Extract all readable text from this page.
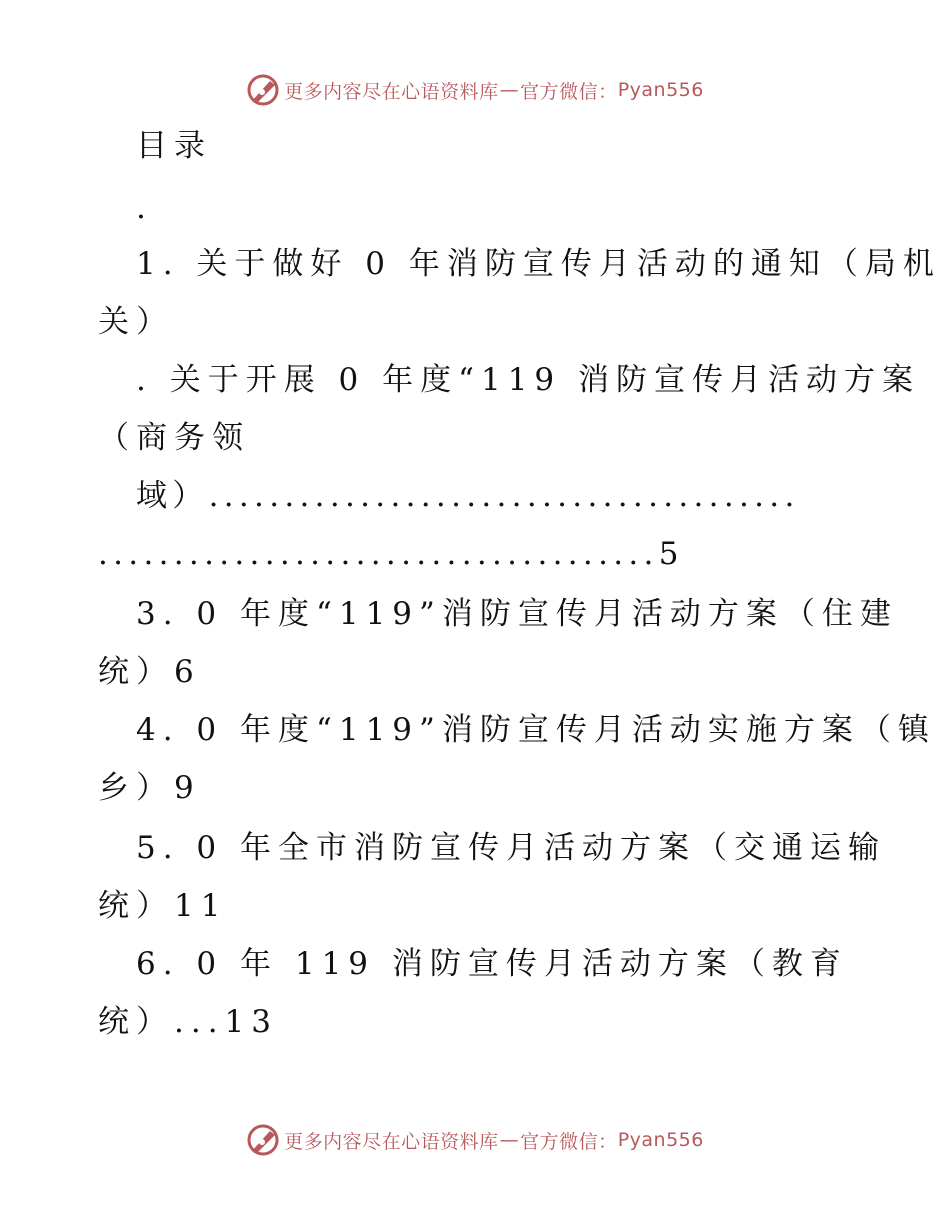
更多内容尽在心语资料库 — 官方微信： Pyan556
目录
.
1. 关于做好 0 年消防宣传月活动的通知（局机
关）
. 关于开展 0 年度“119 消防宣传月活动方案
（商务领
域）.......................................
.....................................5
3. 0 年度“119”消防宣传月活动方案（住建
统）6
4. 0 年度“119”消防宣传月活动实施方案（镇
乡）9
5. 0 年全市消防宣传月活动方案（交通运输
统）11
6. 0 年 119 消防宣传月活动方案（教育
统）...13
更多内容尽在心语资料库 — 官方微信： Pyan556
